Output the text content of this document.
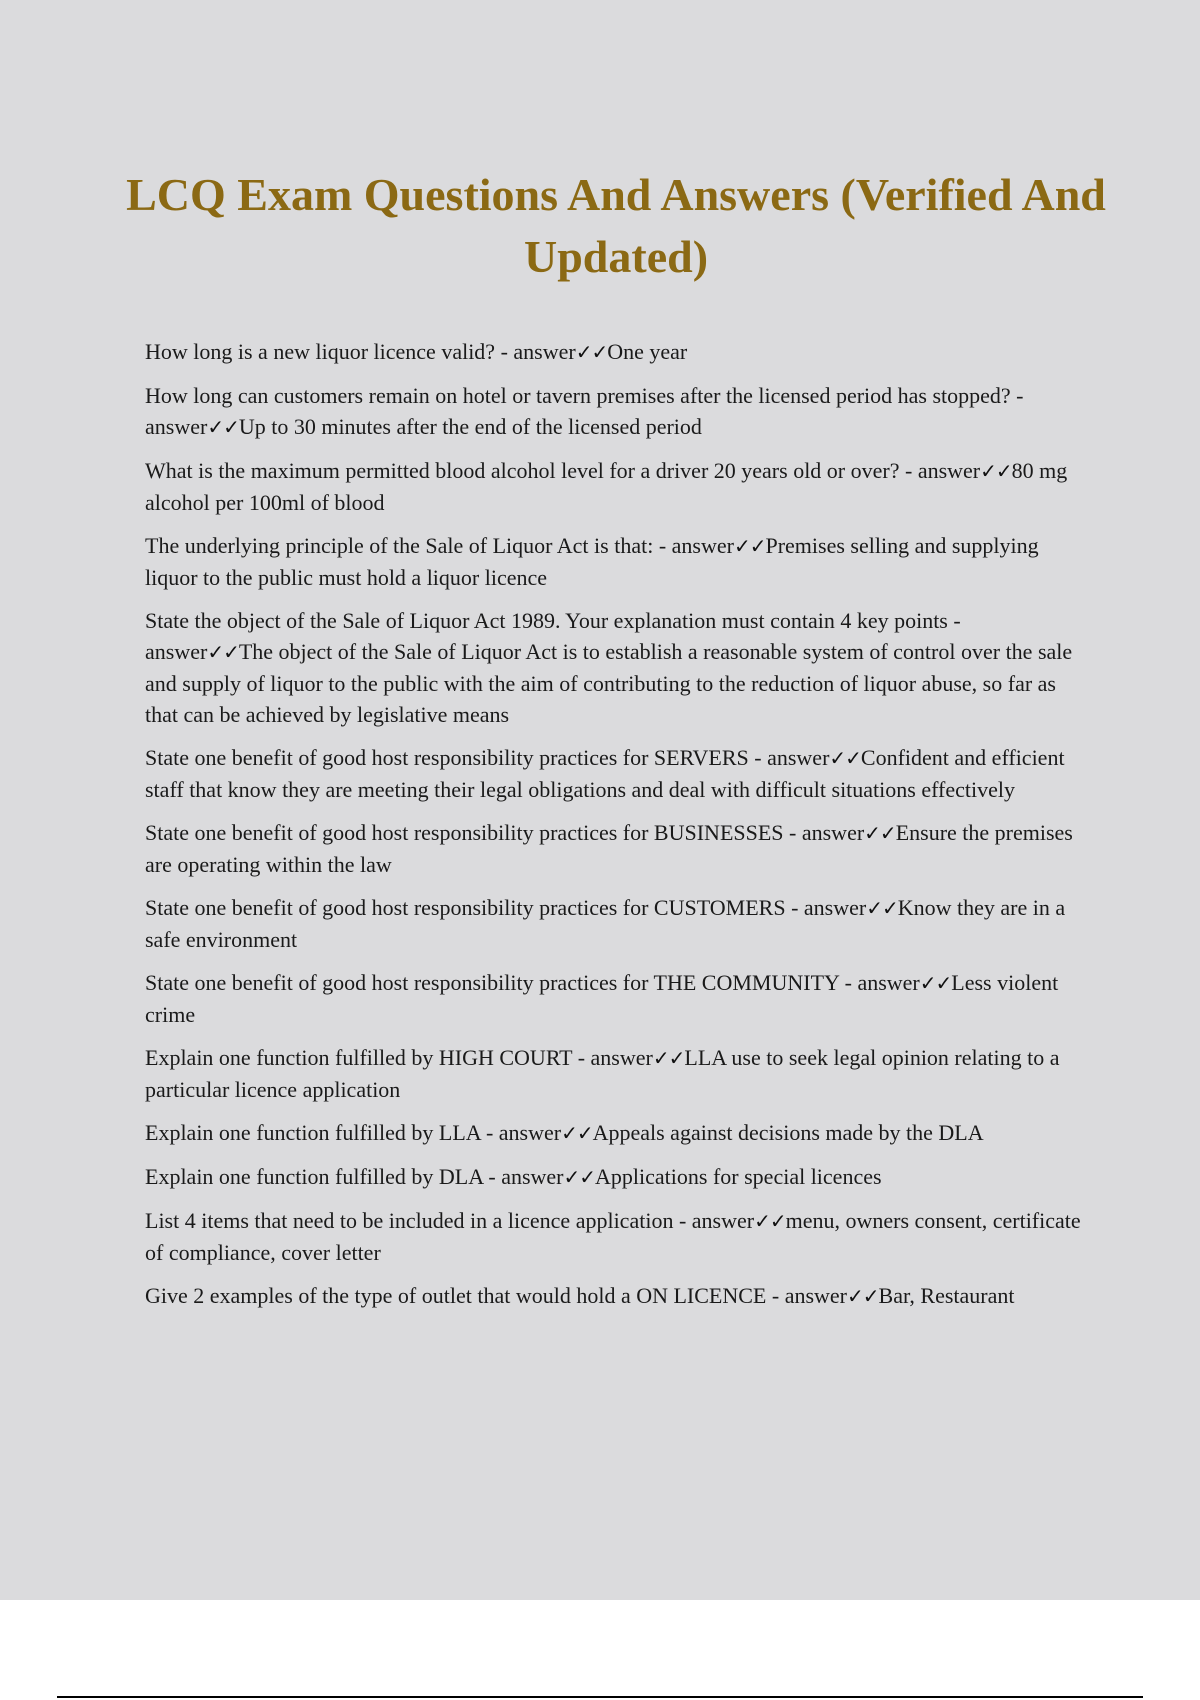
LCQ Exam Questions And Answers (Verified And Updated)
How long is a new liquor licence valid? - answer✓✓One year
How long can customers remain on hotel or tavern premises after the licensed period has stopped? - answer✓✓Up to 30 minutes after the end of the licensed period
What is the maximum permitted blood alcohol level for a driver 20 years old or over? - answer✓✓80 mg alcohol per 100ml of blood
The underlying principle of the Sale of Liquor Act is that: - answer✓✓Premises selling and supplying liquor to the public must hold a liquor licence
State the object of the Sale of Liquor Act 1989. Your explanation must contain 4 key points - answer✓✓The object of the Sale of Liquor Act is to establish a reasonable system of control over the sale and supply of liquor to the public with the aim of contributing to the reduction of liquor abuse, so far as that can be achieved by legislative means
State one benefit of good host responsibility practices for SERVERS - answer✓✓Confident and efficient staff that know they are meeting their legal obligations and deal with difficult situations effectively
State one benefit of good host responsibility practices for BUSINESSES - answer✓✓Ensure the premises are operating within the law
State one benefit of good host responsibility practices for CUSTOMERS - answer✓✓Know they are in a safe environment
State one benefit of good host responsibility practices for THE COMMUNITY - answer✓✓Less violent crime
Explain one function fulfilled by HIGH COURT - answer✓✓LLA use to seek legal opinion relating to a particular licence application
Explain one function fulfilled by LLA - answer✓✓Appeals against decisions made by the DLA
Explain one function fulfilled by DLA - answer✓✓Applications for special licences
List 4 items that need to be included in a licence application - answer✓✓menu, owners consent, certificate of compliance, cover letter
Give 2 examples of the type of outlet that would hold a ON LICENCE - answer✓✓Bar, Restaurant
